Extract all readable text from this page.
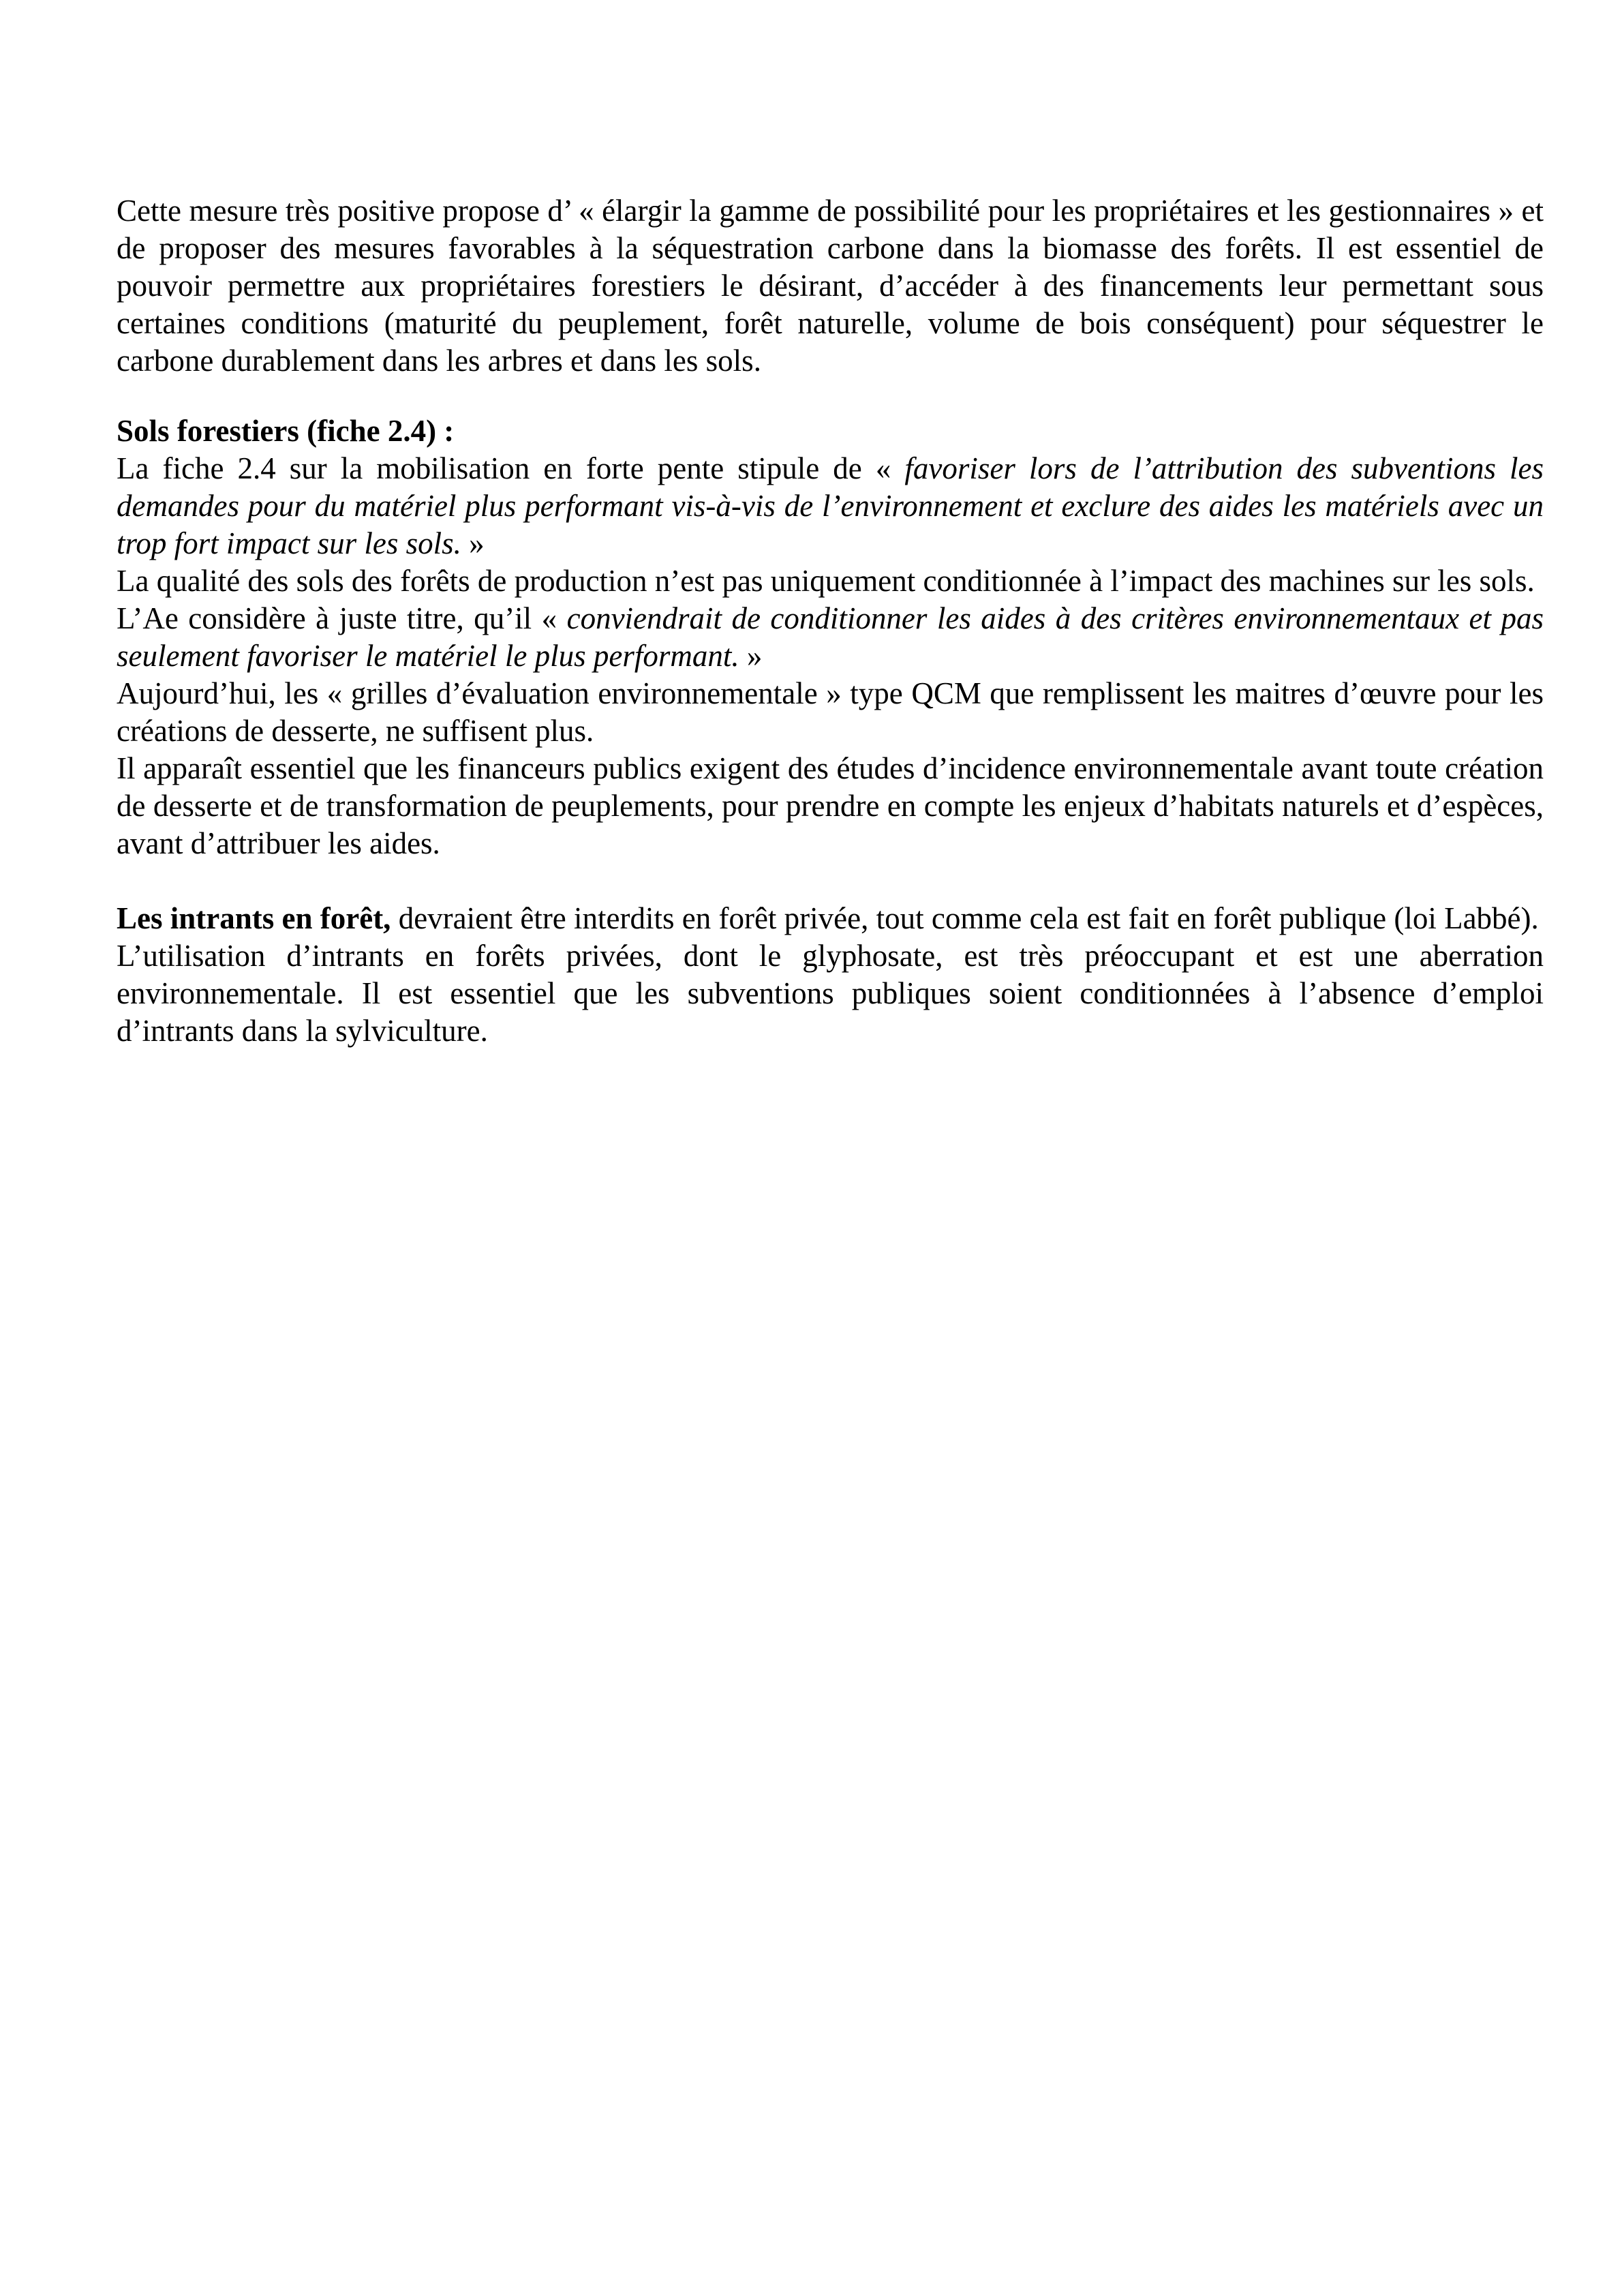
Cette mesure très positive propose d’ « élargir la gamme de possibilité pour les propriétaires et les gestionnaires » et de proposer des mesures favorables à la séquestration carbone dans la biomasse des forêts. Il est essentiel de pouvoir permettre aux propriétaires forestiers le désirant, d’accéder à des financements leur permettant sous certaines conditions (maturité du peuplement, forêt naturelle, volume de bois conséquent) pour séquestrer le carbone durablement dans les arbres et dans les sols.

Sols forestiers (fiche 2.4) :

La fiche 2.4 sur la mobilisation en forte pente stipule de « favoriser lors de l’attribution des subventions les demandes pour du matériel plus performant vis-à-vis de l’environnement et exclure des aides les matériels avec un trop fort impact sur les sols. »

La qualité des sols des forêts de production n’est pas uniquement conditionnée à l’impact des machines sur les sols.

L’Ae considère à juste titre, qu’il « conviendrait de conditionner les aides à des critères environnementaux et pas seulement favoriser le matériel le plus performant. »

Aujourd’hui, les « grilles d’évaluation environnementale » type QCM que remplissent les maitres d’œuvre pour les créations de desserte, ne suffisent plus.

Il apparaît essentiel que les financeurs publics exigent des études d’incidence environnementale avant toute création de desserte et de transformation de peuplements, pour prendre en compte les enjeux d’habitats naturels et d’espèces, avant d’attribuer les aides.

Les intrants en forêt, devraient être interdits en forêt privée, tout comme cela est fait en forêt publique (loi Labbé).

L’utilisation d’intrants en forêts privées, dont le glyphosate, est très préoccupant et est une aberration environnementale. Il est essentiel que les subventions publiques soient conditionnées à l’absence d’emploi d’intrants dans la sylviculture.
